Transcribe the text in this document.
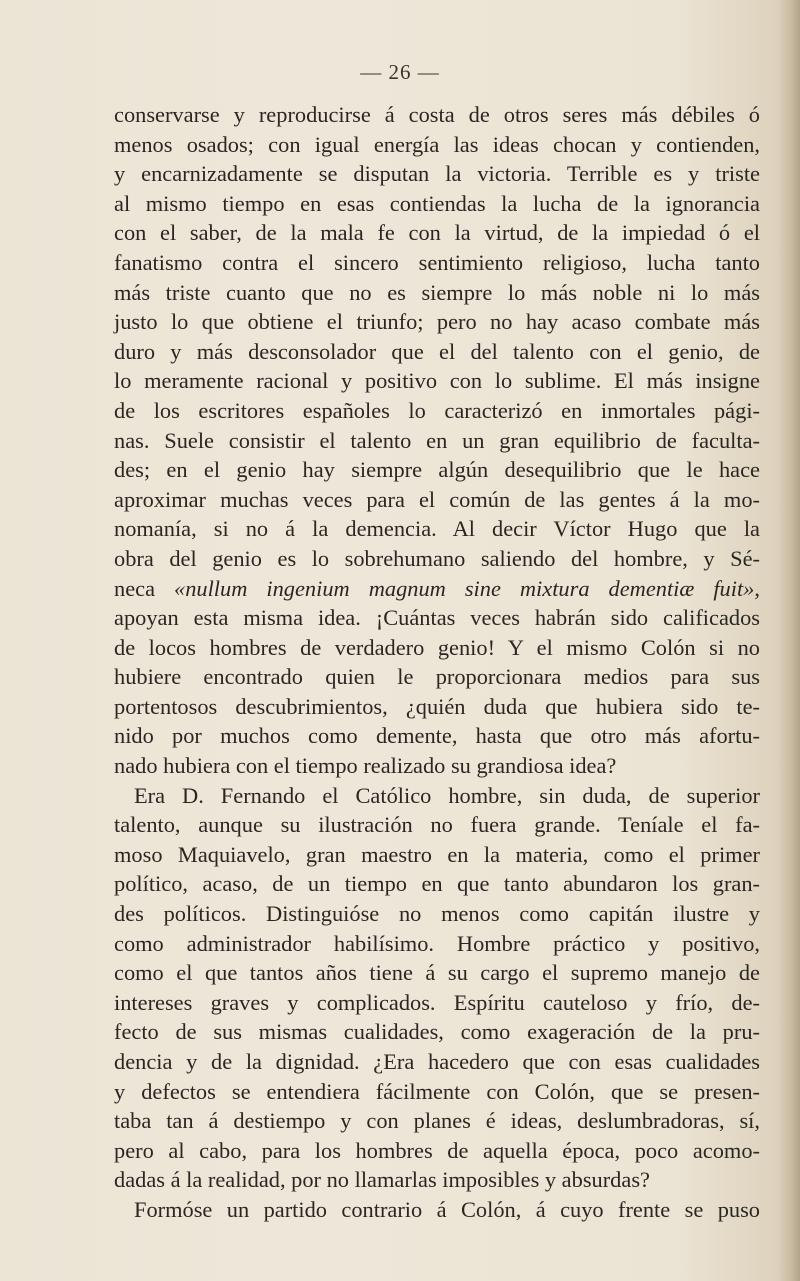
— 26 —
conservarse y reproducirse á costa de otros seres más débiles ó
menos osados; con igual energía las ideas chocan y contienden,
y encarnizadamente se disputan la victoria. Terrible es y triste
al mismo tiempo en esas contiendas la lucha de la ignorancia
con el saber, de la mala fe con la virtud, de la impiedad ó el
fanatismo contra el sincero sentimiento religioso, lucha tanto
más triste cuanto que no es siempre lo más noble ni lo más
justo lo que obtiene el triunfo; pero no hay acaso combate más
duro y más desconsolador que el del talento con el genio, de
lo meramente racional y positivo con lo sublime. El más insigne
de los escritores españoles lo caracterizó en inmortales pági-
nas. Suele consistir el talento en un gran equilibrio de faculta-
des; en el genio hay siempre algún desequilibrio que le hace
aproximar muchas veces para el común de las gentes á la mo-
nomanía, si no á la demencia. Al decir Víctor Hugo que la
obra del genio es lo sobrehumano saliendo del hombre, y Sé-
neca «nullum ingenium magnum sine mixtura dementiæ fuit»,
apoyan esta misma idea. ¡Cuántas veces habrán sido calificados
de locos hombres de verdadero genio! Y el mismo Colón si no
hubiere encontrado quien le proporcionara medios para sus
portentosos descubrimientos, ¿quién duda que hubiera sido te-
nido por muchos como demente, hasta que otro más afortu-
nado hubiera con el tiempo realizado su grandiosa idea?
Era D. Fernando el Católico hombre, sin duda, de superior
talento, aunque su ilustración no fuera grande. Teníale el fa-
moso Maquiavelo, gran maestro en la materia, como el primer
político, acaso, de un tiempo en que tanto abundaron los gran-
des políticos. Distinguióse no menos como capitán ilustre y
como administrador habilísimo. Hombre práctico y positivo,
como el que tantos años tiene á su cargo el supremo manejo de
intereses graves y complicados. Espíritu cauteloso y frío, de-
fecto de sus mismas cualidades, como exageración de la pru-
dencia y de la dignidad. ¿Era hacedero que con esas cualidades
y defectos se entendiera fácilmente con Colón, que se presen-
taba tan á destiempo y con planes é ideas, deslumbradoras, sí,
pero al cabo, para los hombres de aquella época, poco acomo-
dadas á la realidad, por no llamarlas imposibles y absurdas?
Formóse un partido contrario á Colón, á cuyo frente se puso
